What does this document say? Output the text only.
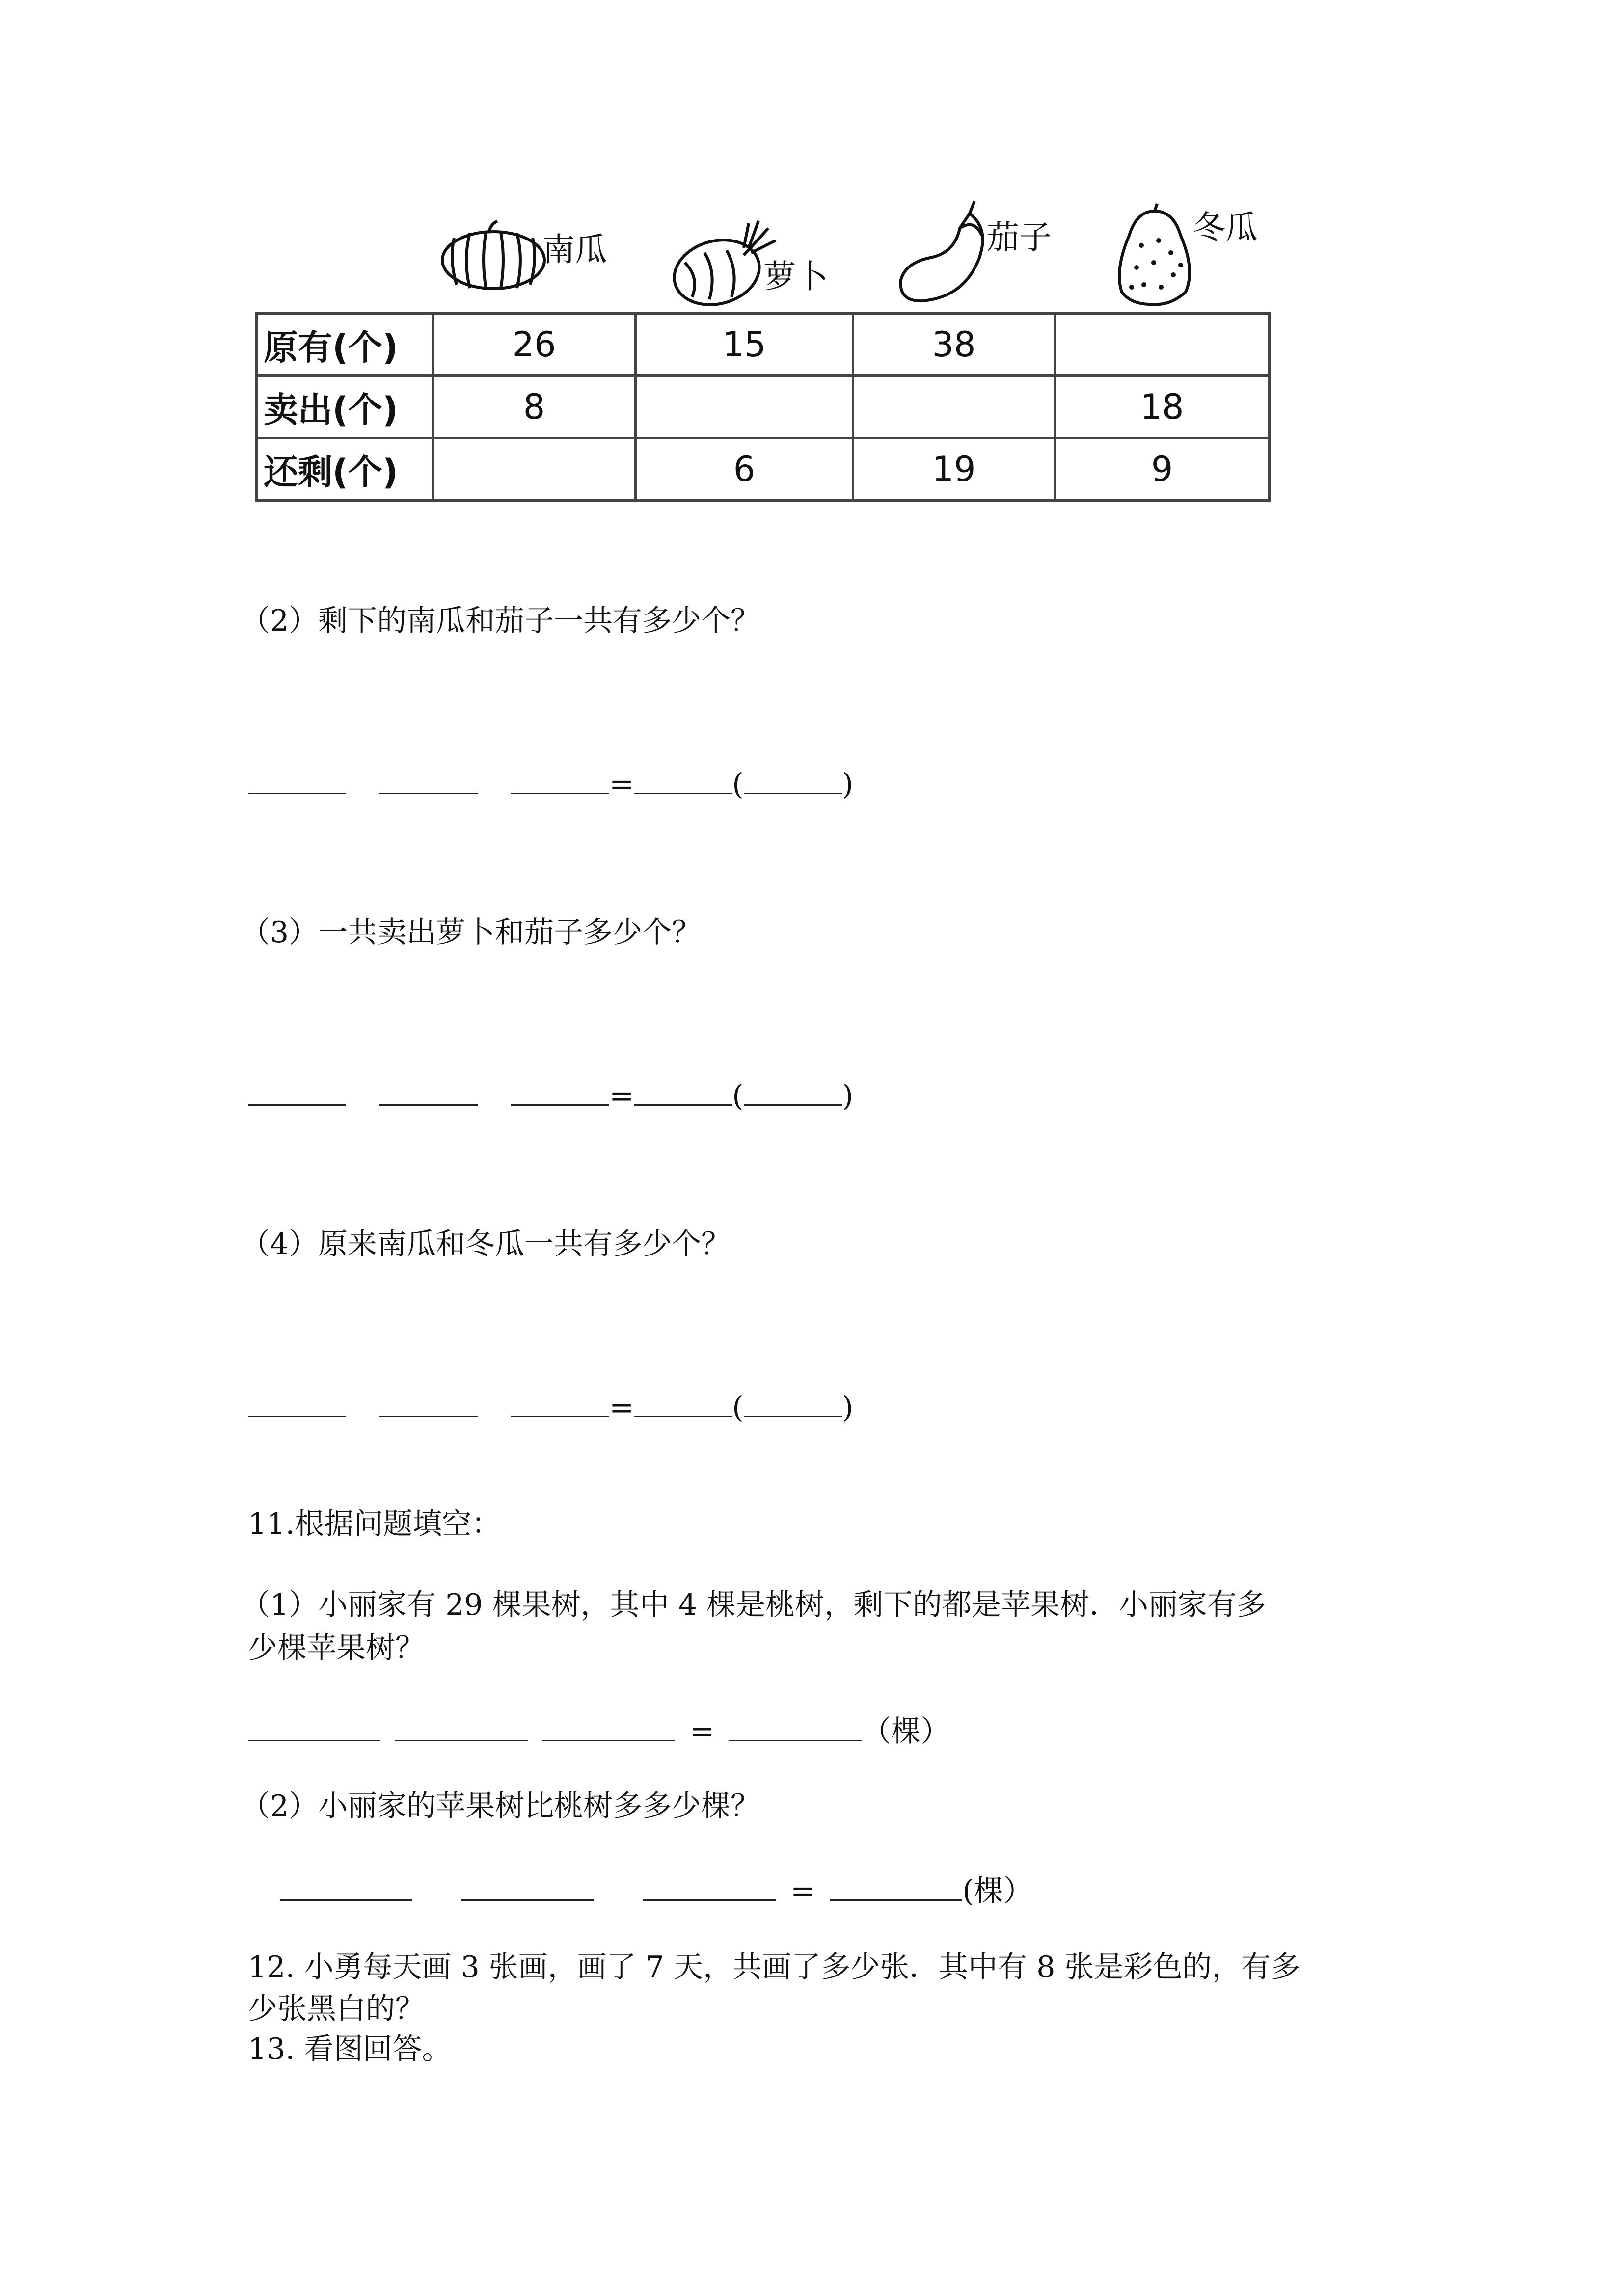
南瓜
萝卜
茄子	冬瓜
原有(个)	26	15	38	
卖出(个)	8			18
还剩(个)		6	19	9
（2）剩下的南瓜和茄子一共有多少个？
=	(	)
（3）一共卖出萝卜和茄子多少个？
=	(	)
（4）原来南瓜和冬瓜一共有多少个？
=	(	)
11.根据问题填空：
（1）小丽家有 29 棵果树，其中 4 棵是桃树，剩下的都是苹果树．小丽家有多
少棵苹果树？
=	（棵）
（2）小丽家的苹果树比桃树多多少棵？
=	(棵）
12. 小勇每天画 3 张画，画了 7 天，共画了多少张．其中有 8 张是彩色的，有多
少张黑白的？
13. 看图回答。
